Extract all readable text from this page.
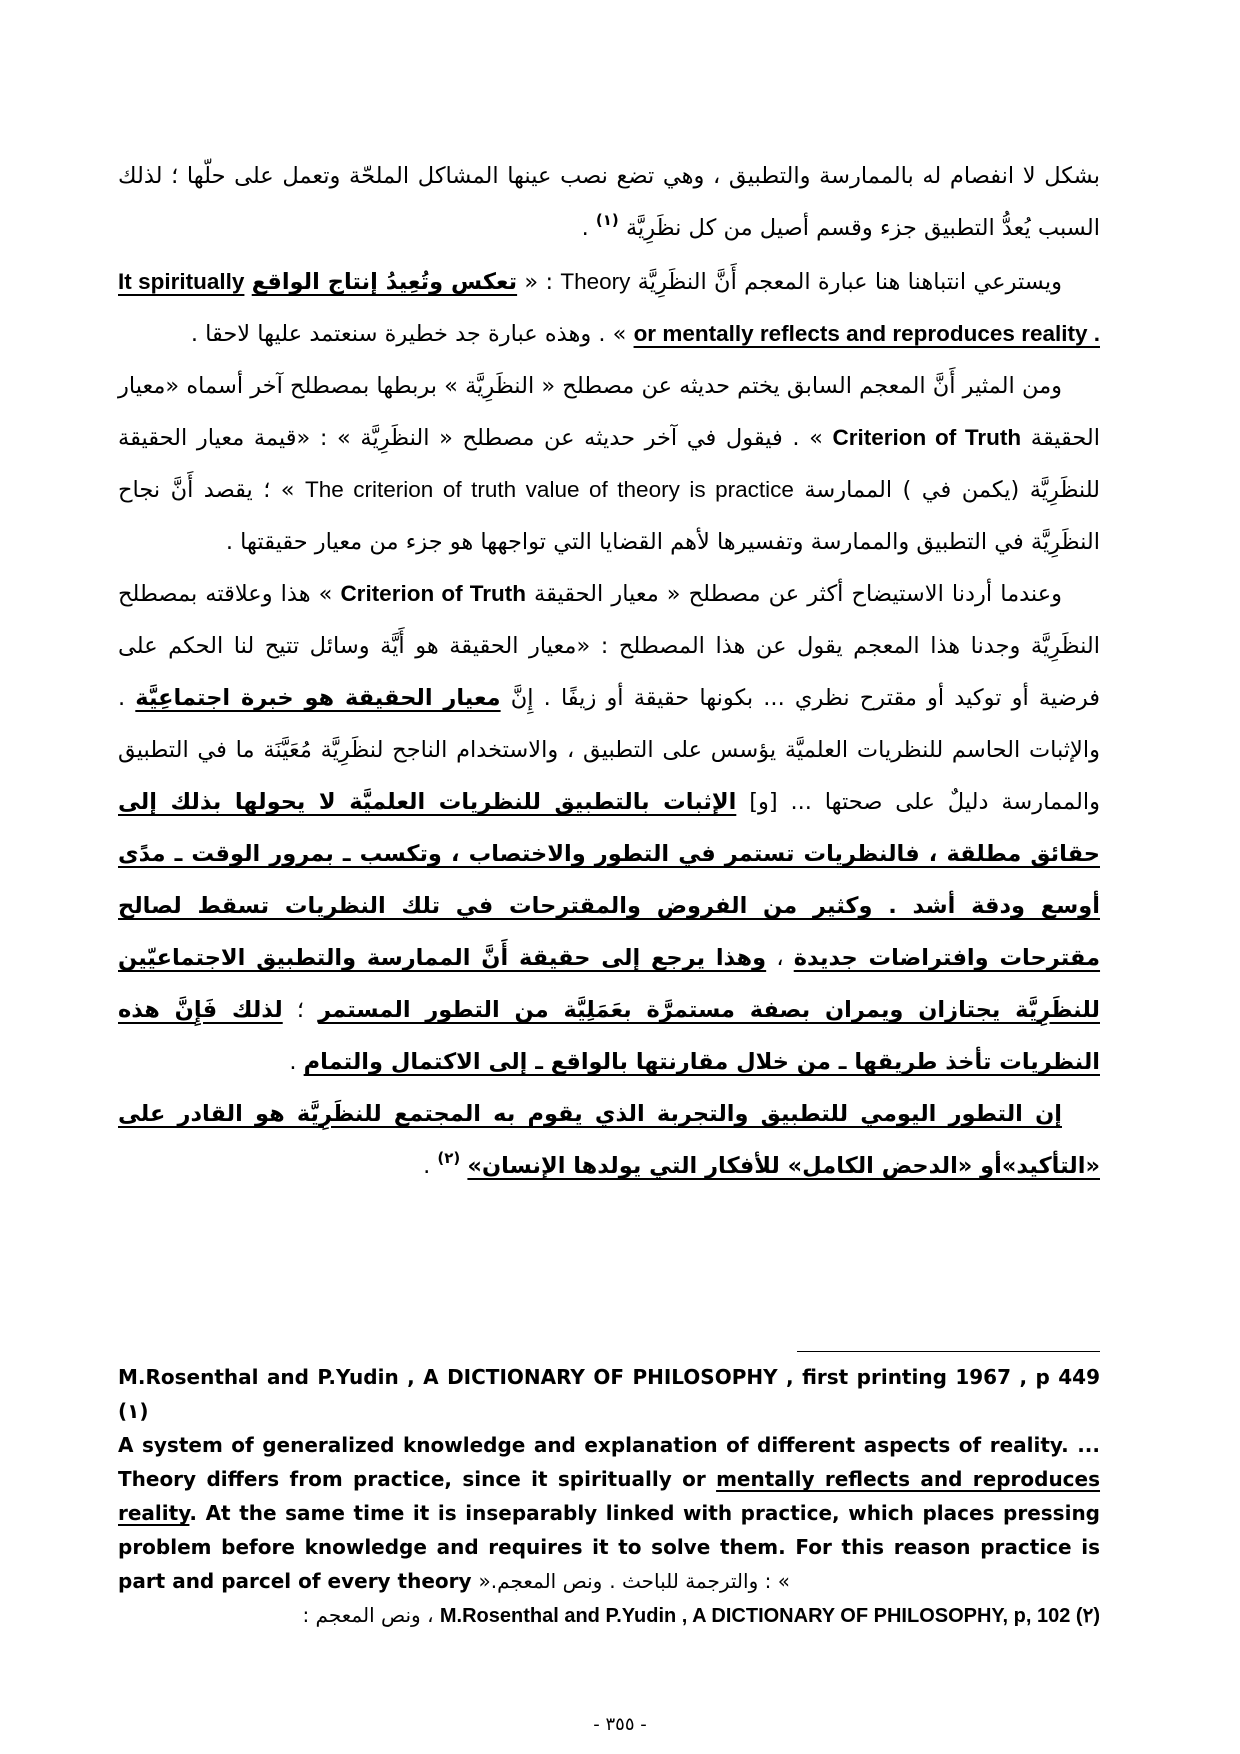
بشكل لا انفصام له بالممارسة والتطبيق ، وهي تضع نصب عينها المشاكل الملحّة وتعمل على حلّها ؛ لذلك السبب يُعدُّ التطبيق جزء وقسم أصيل من كل نظَرِيَّة $^{(١)}$ .

ويسترعي انتباهنا هنا عبارة المعجم أَنَّ النظَرِيَّة Theory : « تعكس وتُعِيدُ إنتاج الواقع It spiritually or mentally reflects and reproduces reality . » . وهذه عبارة جد خطيرة سنعتمد عليها لاحقا .

ومن المثير أَنَّ المعجم السابق يختم حديثه عن مصطلح « النظَرِيَّة » بربطها بمصطلح آخر أسماه «معيار الحقيقة Criterion of Truth » . فيقول في آخر حديثه عن مصطلح « النظَرِيَّة » : «قيمة معيار الحقيقة للنظَرِيَّة (يكمن في ) الممارسة The criterion of truth value of theory is practice » ؛ يقصد أَنَّ نجاح النظَرِيَّة في التطبيق والممارسة وتفسيرها لأهم القضايا التي تواجهها هو جزء من معيار حقيقتها .

وعندما أردنا الاستيضاح أكثر عن مصطلح « معيار الحقيقة Criterion of Truth » هذا وعلاقته بمصطلح النظَرِيَّة وجدنا هذا المعجم يقول عن هذا المصطلح : «معيار الحقيقة هو أَيَّة وسائل تتيح لنا الحكم على فرضية أو توكيد أو مقترح نظري ... بكونها حقيقة أو زيفًا . إِنَّ معيار الحقيقة هو خبرة اجتماعِيَّة . والإثبات الحاسم للنظريات العلميَّة يؤسس على التطبيق ، والاستخدام الناجح لنظَرِيَّة مُعَيَّنَة ما في التطبيق والممارسة دليلٌ على صحتها ... [و] الإثبات بالتطبيق للنظريات العلميَّة لا يحولها بذلك إلى حقائق مطلقة ، فالنظريات تستمر في التطور والاختصاب ، وتكسب ـ بمرور الوقت ـ مدًى أوسع ودقة أشد . وكثير من الفروض والمقترحات في تلك النظريات تسقط لصالح مقترحات وافتراضات جديدة ، وهذا يرجع إلى حقيقة أَنَّ الممارسة والتطبيق الاجتماعيّين للنظَرِيَّة يجتازان ويمران بصفة مستمرَّة بعَمَلِيَّة من التطور المستمر ؛ لذلك فَإِنَّ هذه النظريات تأخذ طريقها ـ من خلال مقارنتها بالواقع ـ إلى الاكتمال والتمام .

إن التطور اليومي للتطبيق والتجربة الذي يقوم به المجتمع للنظَرِيَّة هو القادر على «التأكيد»أو «الدحض الكامل» للأفكار التي يولدها الإنسان» $^{(٢)}$ .

M.Rosenthal and P.Yudin , A DICTIONARY OF PHILOSOPHY , first printing 1967 , p 449 (١)

A system of generalized knowledge and explanation of different aspects of reality. ... Theory differs from practice, since it spiritually or mentally reflects and reproduces reality. At the same time it is inseparably linked with practice, which places pressing problem before knowledge and requires it to solve them. For this reason practice is part and parcel of every theory ».والترجمة للباحث . ونص المعجم : «

M.Rosenthal and P.Yudin , A DICTIONARY OF PHILOSOPHY, p, 102 (٢) ، ونص المعجم :

- ٣٥٥ -
